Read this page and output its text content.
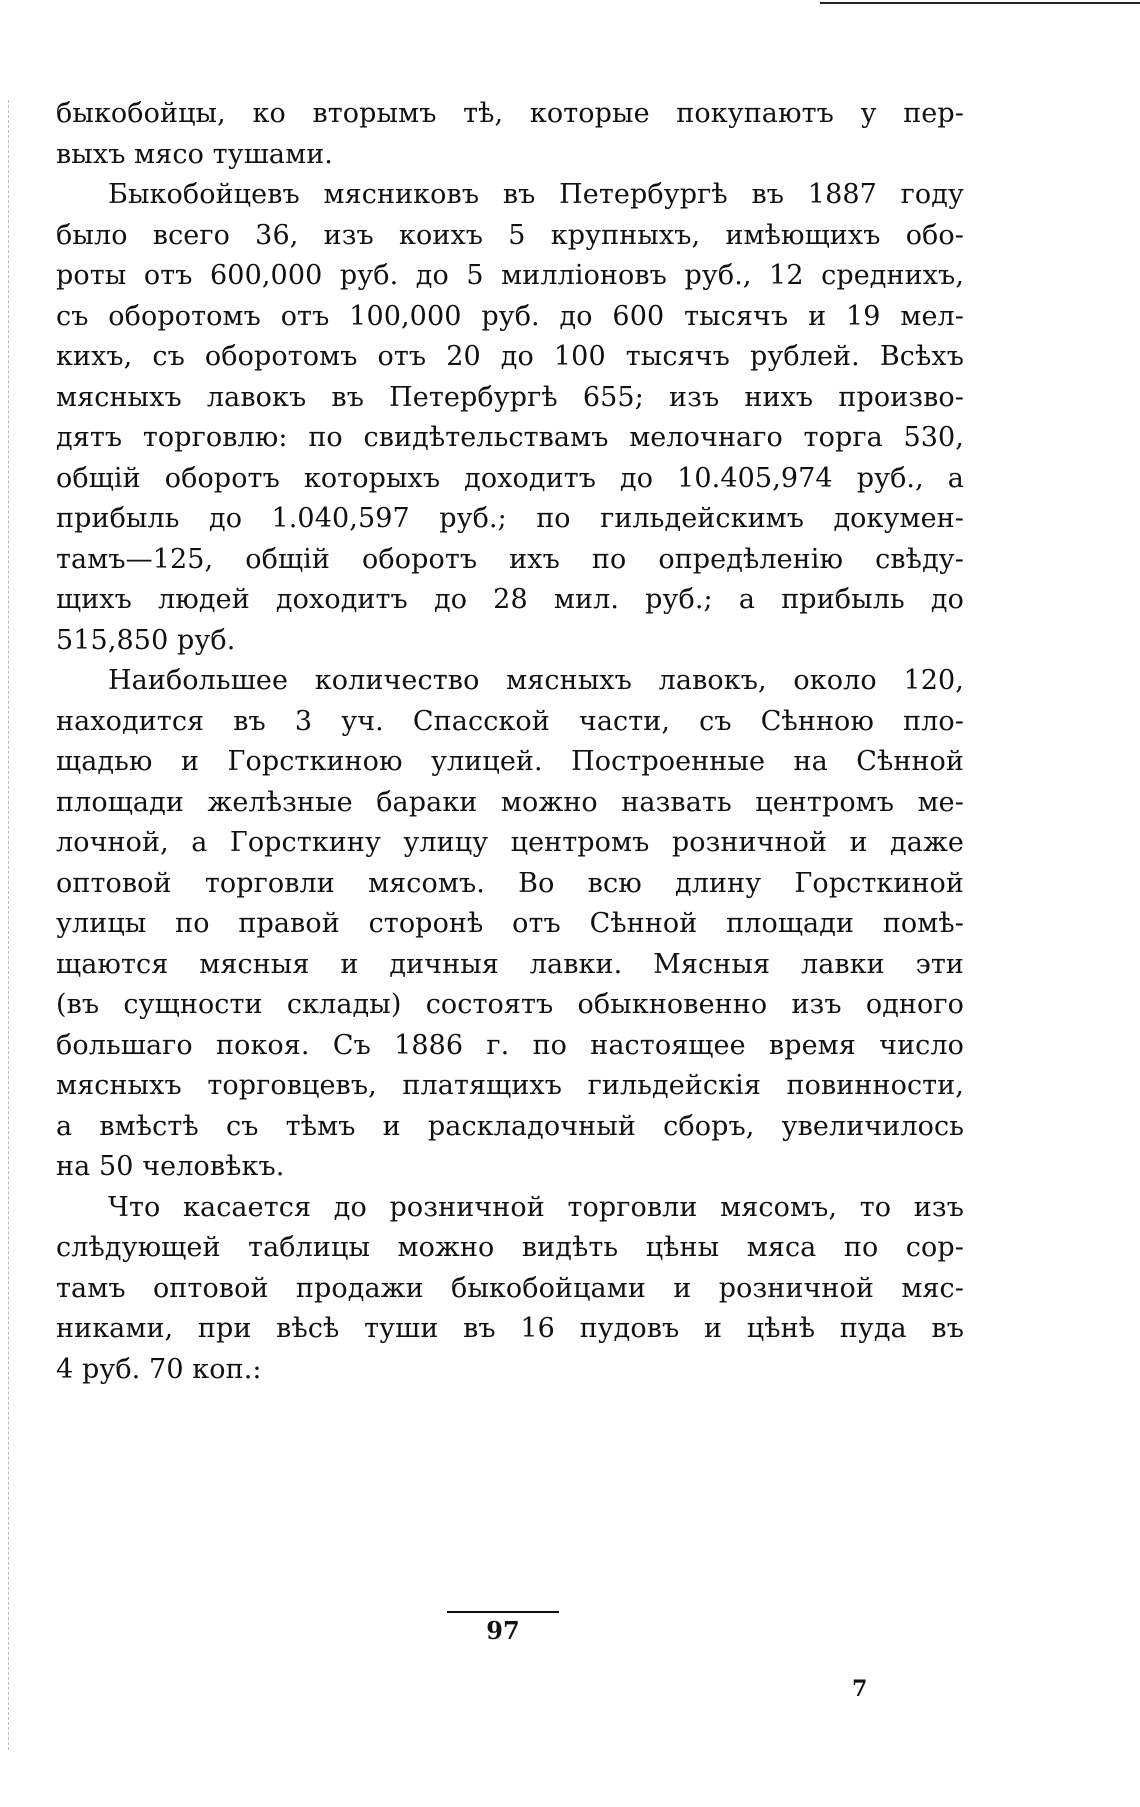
быкобойцы, ко вторымъ тѣ, которые покупаютъ у пер-
выхъ мясо тушами.
Быкобойцевъ мясниковъ въ Петербургѣ въ 1887 году
было всего 36, изъ коихъ 5 крупныхъ, имѣющихъ обо-
роты отъ 600,000 руб. до 5 милліоновъ руб., 12 среднихъ,
съ оборотомъ отъ 100,000 руб. до 600 тысячъ и 19 мел-
кихъ, съ оборотомъ отъ 20 до 100 тысячъ рублей. Всѣхъ
мясныхъ лавокъ въ Петербургѣ 655; изъ нихъ произво-
дятъ торговлю: по свидѣтельствамъ мелочнаго торга 530,
общій оборотъ которыхъ доходитъ до 10.405,974 руб., а
прибыль до 1.040,597 руб.; по гильдейскимъ докумен-
тамъ—125, общій оборотъ ихъ по опредѣленію свѣду-
щихъ людей доходитъ до 28 мил. руб.; а прибыль до
515,850 руб.
Наибольшее количество мясныхъ лавокъ, около 120,
находится въ 3 уч. Спасской части, съ Сѣнною пло-
щадью и Горсткиною улицей. Построенные на Сѣнной
площади желѣзные бараки можно назвать центромъ ме-
лочной, а Горсткину улицу центромъ розничной и даже
оптовой торговли мясомъ. Во всю длину Горсткиной
улицы по правой сторонѣ отъ Сѣнной площади помѣ-
щаются мясныя и дичныя лавки. Мясныя лавки эти
(въ сущности склады) состоятъ обыкновенно изъ одного
большаго покоя. Съ 1886 г. по настоящее время число
мясныхъ торговцевъ, платящихъ гильдейскія повинности,
а вмѣстѣ съ тѣмъ и раскладочный сборъ, увеличилось
на 50 человѣкъ.
Что касается до розничной торговли мясомъ, то изъ
слѣдующей таблицы можно видѣть цѣны мяса по сор-
тамъ оптовой продажи быкобойцами и розничной мяс-
никами, при вѣсѣ туши въ 16 пудовъ и цѣнѣ пуда въ
4 руб. 70 коп.:
97
7
